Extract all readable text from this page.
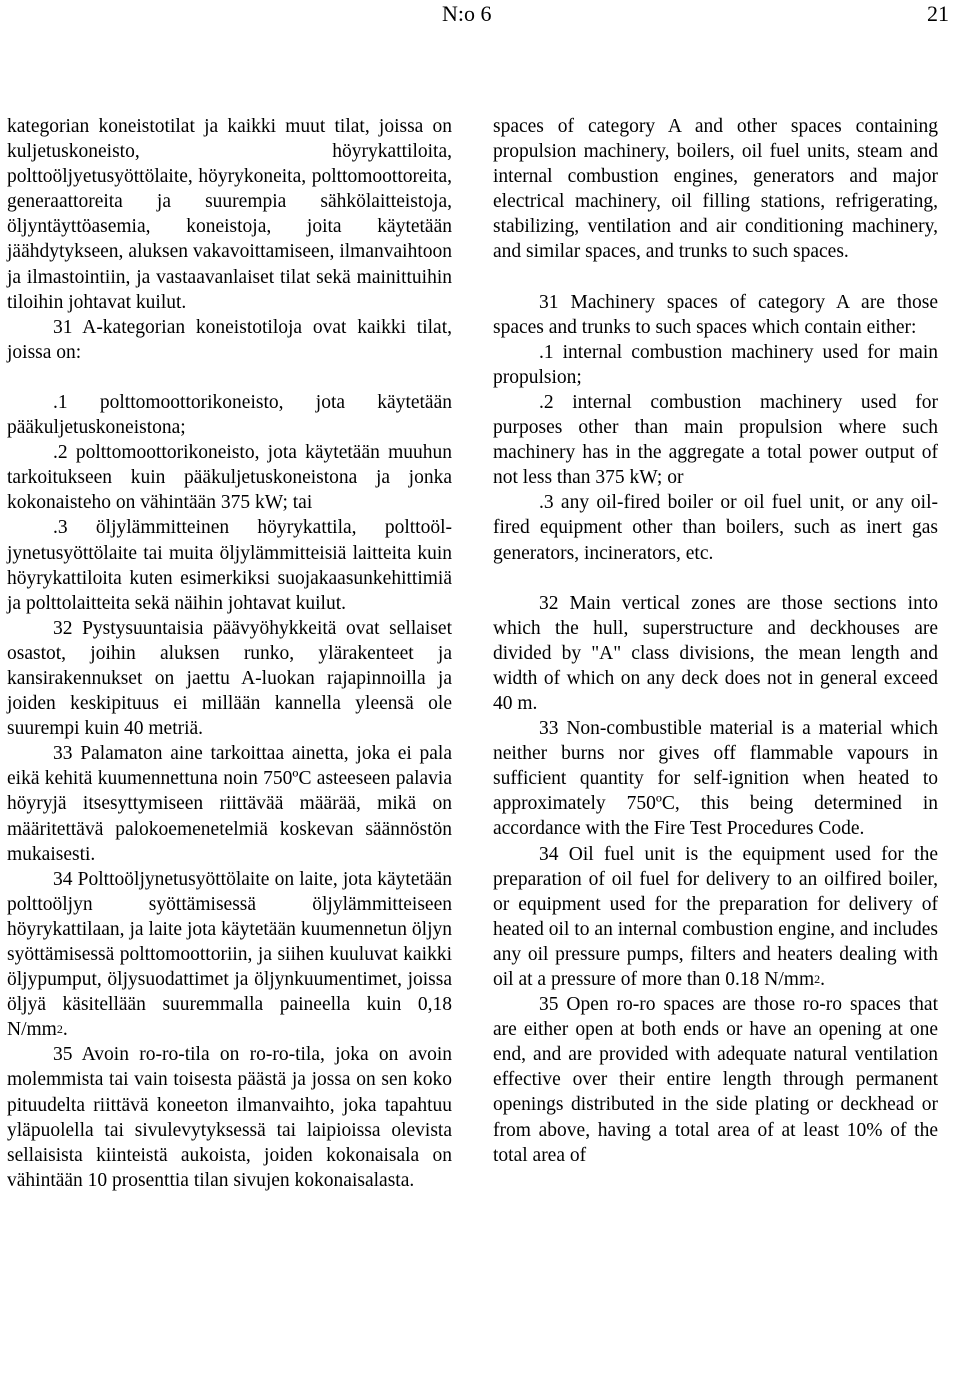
N:o 6	21

kategorian koneistotilat ja kaikki muut tilat, joissa on kuljetuskoneisto, höyrykattiloita, polttoöljyetusyöttölaite, höyrykoneita, polttomoottoreita, generaattoreita ja suurempia sähkölaitteistoja, öljyntäyttöasemia, koneistoja, joita käytetään jäähdytykseen, aluksen vakavoittamiseen, ilmanvaihtoon ja ilmastointiin, ja vastaavanlaiset tilat sekä mainittuihin tiloihin johtavat kuilut.

31 A-kategorian koneistotiloja ovat kaikki tilat, joissa on:

.1 polttomoottorikoneisto, jota käytetään pääkuljetuskoneistona;

.2 polttomoottorikoneisto, jota käytetään muuhun tarkoitukseen kuin pääkuljetuskoneistona ja jonka kokonaisteho on vähintään 375 kW; tai

.3 öljylämmitteinen höyrykattila, polttoöljynetusyöttölaite tai muita öljylämmitteisiä laitteita kuin höyrykattiloita kuten esimerkiksi suojakaasunkehittimiä ja polttolaitteita sekä näihin johtavat kuilut.

32 Pystysuuntaisia päävyöhykkeitä ovat sellaiset osastot, joihin aluksen runko, ylärakenteet ja kansirakennukset on jaettu A-luokan rajapinnoilla ja joiden keskipituus ei millään kannella yleensä ole suurempi kuin 40 metriä.

33 Palamaton aine tarkoittaa ainetta, joka ei pala eikä kehitä kuumennettuna noin 750ºC asteeseen palavia höyryjä itsesyttymiseen riittävää määrää, mikä on määritettävä palokoemenetelmiä koskevan säännöstön mukaisesti.

34 Polttoöljynetusyöttölaite on laite, jota käytetään polttoöljyn syöttämisessä öljylämmitteiseen höyrykattilaan, ja laite jota käytetään kuumennetun öljyn syöttämisessä polttomoottoriin, ja siihen kuuluvat kaikki öljypumput, öljysuodattimet ja öljynkuumentimet, joissa öljyä käsitellään suuremmalla paineella kuin 0,18 $N/mm^2$.

35 Avoin ro-ro-tila on ro-ro-tila, joka on avoin molemmista tai vain toisesta päästä ja jossa on sen koko pituudelta riittävä koneeton ilmanvaihto, joka tapahtuu yläpuolella tai sivulevytyksessä tai laipioissa olevista sellaisista kiinteistä aukoista, joiden kokonaisala on vähintään 10 prosenttia tilan sivujen kokonaisalasta.

spaces of category A and other spaces containing propulsion machinery, boilers, oil fuel units, steam and internal combustion engines, generators and major electrical machinery, oil filling stations, refrigerating, stabilizing, ventilation and air conditioning machinery, and similar spaces, and trunks to such spaces.

31 Machinery spaces of category A are those spaces and trunks to such spaces which contain either:

.1 internal combustion machinery used for main propulsion;

.2 internal combustion machinery used for purposes other than main propulsion where such machinery has in the aggregate a total power output of not less than 375 kW; or

.3 any oil-fired boiler or oil fuel unit, or any oil-fired equipment other than boilers, such as inert gas generators, incinerators, etc.

32 Main vertical zones are those sections into which the hull, superstructure and deckhouses are divided by "A" class divisions, the mean length and width of which on any deck does not in general exceed 40 m.

33 Non-combustible material is a material which neither burns nor gives off flammable vapours in sufficient quantity for self-ignition when heated to approximately 750ºC, this being determined in accordance with the Fire Test Procedures Code.

34 Oil fuel unit is the equipment used for the preparation of oil fuel for delivery to an oilfired boiler, or equipment used for the preparation for delivery of heated oil to an internal combustion engine, and includes any oil pressure pumps, filters and heaters dealing with oil at a pressure of more than 0.18 $N/mm^2$.

35 Open ro-ro spaces are those ro-ro spaces that are either open at both ends or have an opening at one end, and are provided with adequate natural ventilation effective over their entire length through permanent openings distributed in the side plating or deckhead or from above, having a total area of at least 10% of the total area of
